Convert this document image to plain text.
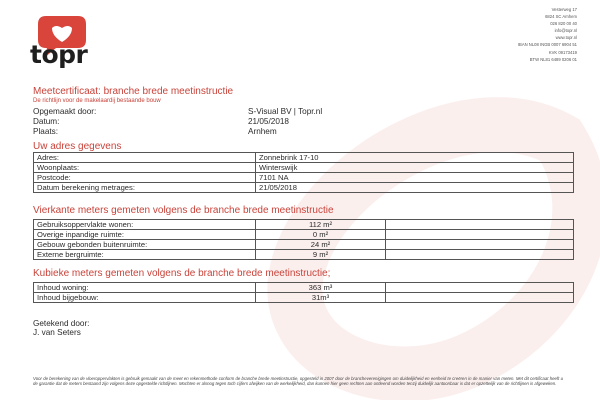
topr
Vesterweg 17
6824 SC Arnhem
026 820 00 40
info@topr.nl
www.topr.nl
IBAN NL08 INGB 0007 6904 51
KVK 09173419
BTW NL81 6489 0206 01
Meetcertificaat: branche brede meetinstructie
De richtlijn voor de makelaardij bestaande bouw
Opgemaakt door:	S-Visual BV | Topr.nl
Datum:	21/05/2018
Plaats:	Arnhem
Uw adres gegevens
Adres:	Zonnebrink 17-10
Woonplaats:	Winterswijk
Postcode:	7101 NA
Datum berekening metrages:	21/05/2018
Vierkante meters gemeten volgens de branche brede meetinstructie
Gebruiksoppervlakte wonen:	112 m²	
Overige inpandige ruimte:	0 m²	
Gebouw gebonden buitenruimte:	24 m²	
Externe bergruimte:	9 m²	
Kubieke meters gemeten volgens de branche brede meetinstructie;
Inhoud woning:	363 m³	
Inhoud bijgebouw:	31m³	
Getekend door:
J. van Seters
Voor de berekening van de vloeroppervlakten is gebruik gemaakt van de meet en rekenmethode conform de branche brede meetinstructie, opgesteld in 2007 door de brancheverenigingen om duidelijkheid en eenheid te creëren in de manier van meten. Met dit certificaat heeft u de garantie dat de meters bestaand zijn volgens deze opgestelde richtlijnen. Mochten er alsnog tegen toch cijfers afwijken van de werkelijkheid, dan kunnen hier geen rechten aan ontleend worden tenzij duidelijk aantoonbaar is dat er opzettelijk van de richtlijnen is afgeweken.
